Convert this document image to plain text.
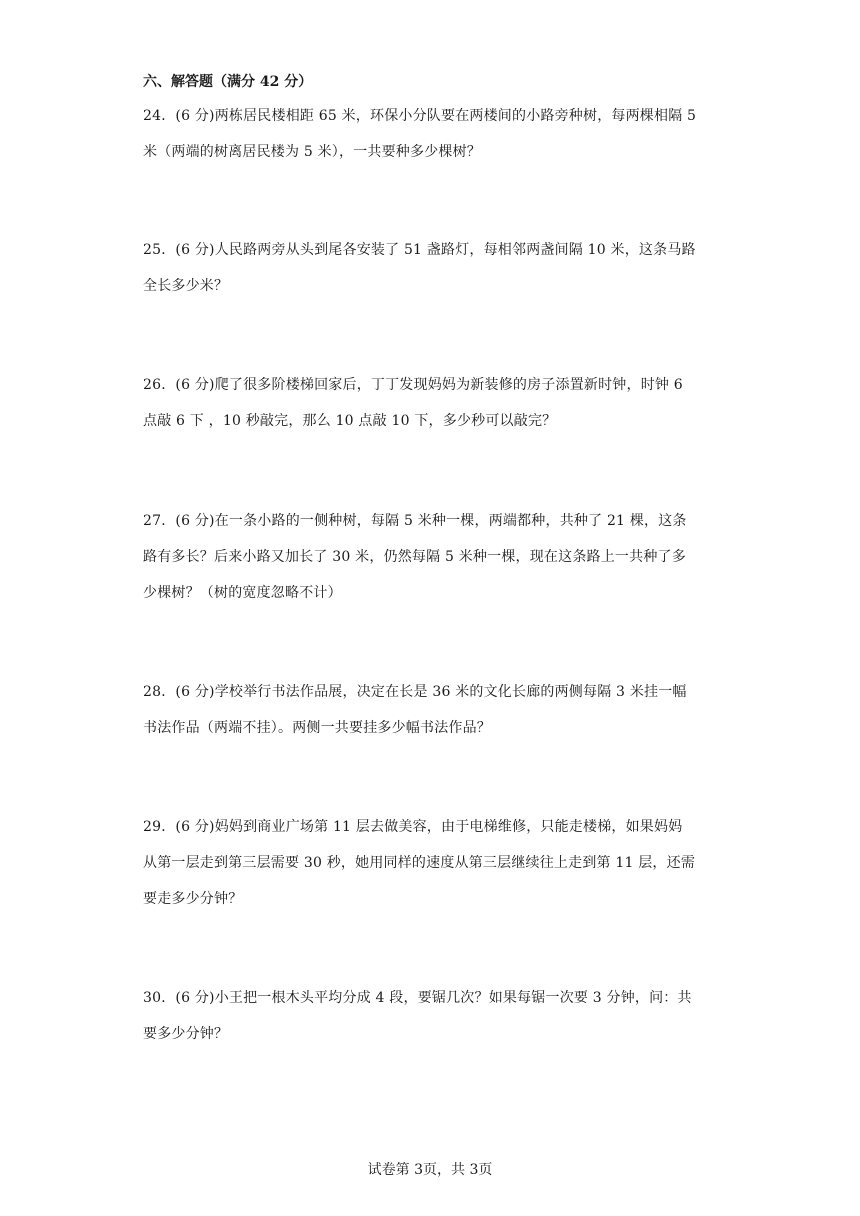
六、解答题（满分 42 分）
24．(6 分)两栋居民楼相距 65 米，环保小分队要在两楼间的小路旁种树，每两棵相隔 5
米（两端的树离居民楼为 5 米），一共要种多少棵树？
25．(6 分)人民路两旁从头到尾各安装了 51 盏路灯，每相邻两盏间隔 10 米，这条马路
全长多少米？
26．(6 分)爬了很多阶楼梯回家后，丁丁发现妈妈为新装修的房子添置新时钟，时钟 6
点敲 6 下 ，10 秒敲完，那么 10 点敲 10 下，多少秒可以敲完？
27．(6 分)在一条小路的一侧种树，每隔 5 米种一棵，两端都种，共种了 21 棵，这条
路有多长？后来小路又加长了 30 米，仍然每隔 5 米种一棵，现在这条路上一共种了多
少棵树？（树的宽度忽略不计）
28．(6 分)学校举行书法作品展，决定在长是 36 米的文化长廊的两侧每隔 3 米挂一幅
书法作品（两端不挂）。两侧一共要挂多少幅书法作品？
29．(6 分)妈妈到商业广场第 11 层去做美容，由于电梯维修，只能走楼梯，如果妈妈
从第一层走到第三层需要 30 秒，她用同样的速度从第三层继续往上走到第 11 层，还需
要走多少分钟？
30．(6 分)小王把一根木头平均分成 4 段，要锯几次？如果每锯一次要 3 分钟，问：共
要多少分钟？
试卷第 3页，共 3页
